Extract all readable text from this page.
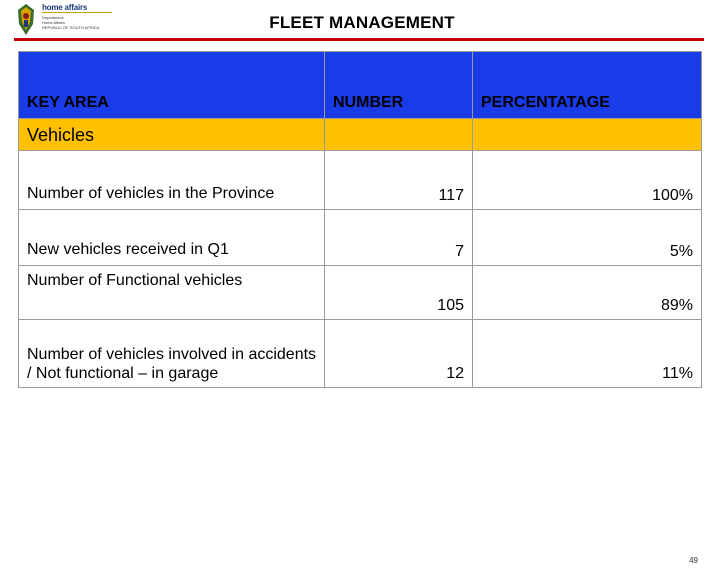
home affairs
Department:
Home Affairs
REPUBLIC OF SOUTH AFRICA	FLEET MANAGEMENT
KEY AREA	NUMBER	PERCENTATAGE

Vehicles		

Number of vehicles in the Province	117	100%

New vehicles received in Q1	7	5%

Number of Functional vehicles	105	89%

Number of vehicles involved in accidents / Not functional – in garage	12	11%
49
